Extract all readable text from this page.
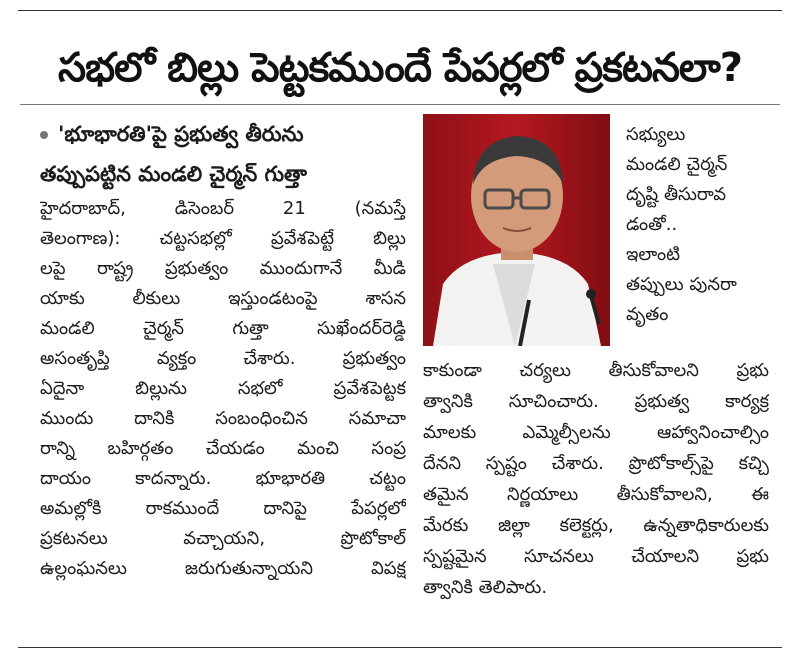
సభలో బిల్లు పెట్టకముందే పేపర్లలో ప్రకటనలా?
'భూభారతి'పై ప్రభుత్వ తీరును
తప్పుపట్టిన మండలి చైర్మన్ గుత్తా
హైదరాబాద్, డిసెంబర్ 21 (నమస్తే
తెలంగాణ): చట్టసభల్లో ప్రవేశపెట్టే బిల్లు
లపై రాష్ట్ర ప్రభుత్వం ముందుగానే మీడి
యాకు లీకులు ఇస్తుండటంపై శాసన
మండలి చైర్మన్ గుత్తా సుఖేందర్‌రెడ్డి
అసంతృప్తి వ్యక్తం చేశారు. ప్రభుత్వం
ఏదైనా బిల్లును సభలో ప్రవేశపెట్టక
ముందు దానికి సంబంధించిన సమాచా
రాన్ని బహిర్గతం చేయడం మంచి సంప్ర
దాయం కాదన్నారు. భూభారతి చట్టం
అమల్లోకి రాకముందే దానిపై పేపర్లలో
ప్రకటనలు వచ్చాయని, ప్రొటోకాల్
ఉల్లంఘనలు జరుగుతున్నాయని విపక్ష
సభ్యులు
మండలి చైర్మన్
దృష్టి తీసురావ
డంతో..
ఇలాంటి
తప్పులు పునరా
వృతం
కాకుండా చర్యలు తీసుకోవాలని ప్రభు
త్వానికి సూచించారు. ప్రభుత్వ కార్యక్ర
మాలకు ఎమ్మెల్సీలను ఆహ్వానించాల్సిం
దేనని స్పష్టం చేశారు. ప్రొటోకాల్స్‌పై కచ్చి
తమైన నిర్ణయాలు తీసుకోవాలని, ఈ
మేరకు జిల్లా కలెక్టర్లు, ఉన్నతాధికారులకు
స్పష్టమైన సూచనలు చేయాలని ప్రభు
త్వానికి తెలిపారు.
